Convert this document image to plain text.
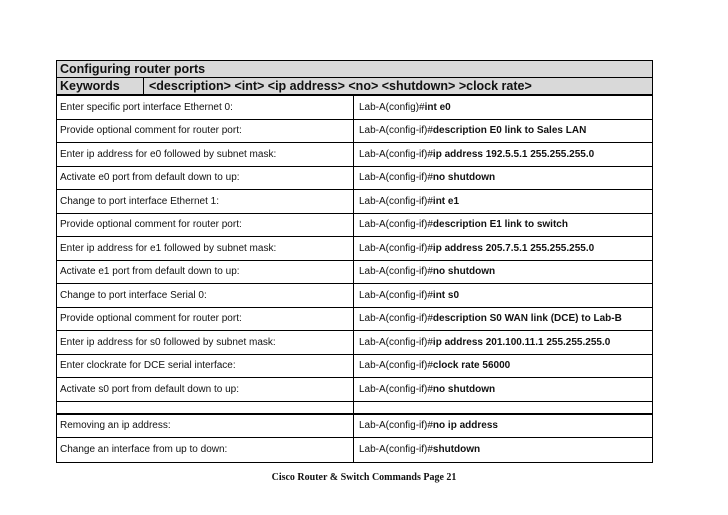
Configuring router ports
Keywords	<description> <int> <ip address> <no> <shutdown> >clock rate>
Enter specific port interface Ethernet 0:	Lab-A(config)# int e0
Provide optional comment for router port:	Lab-A(config-if)# description E0 link to Sales LAN
Enter ip address for e0 followed by subnet mask:	Lab-A(config-if)# ip address 192.5.5.1 255.255.255.0
Activate e0 port from default down to up:	Lab-A(config-if)# no shutdown
Change to port interface Ethernet 1:	Lab-A(config-if)# int e1
Provide optional comment for router port:	Lab-A(config-if)# description E1 link to switch
Enter ip address for e1 followed by subnet mask:	Lab-A(config-if)# ip address 205.7.5.1 255.255.255.0
Activate e1 port from default down to up:	Lab-A(config-if)# no shutdown
Change to port interface Serial 0:	Lab-A(config-if)# int s0
Provide optional comment for router port:	Lab-A(config-if)# description S0 WAN link (DCE) to Lab-B
Enter ip address for s0 followed by subnet mask:	Lab-A(config-if)# ip address 201.100.11.1 255.255.255.0
Enter clockrate for DCE serial interface:	Lab-A(config-if)# clock rate 56000
Activate s0 port from default down to up:	Lab-A(config-if)# no shutdown
Removing an ip address:	Lab-A(config-if)# no ip address
Change an interface from up to down:	Lab-A(config-if)# shutdown
Cisco Router & Switch Commands Page 21
